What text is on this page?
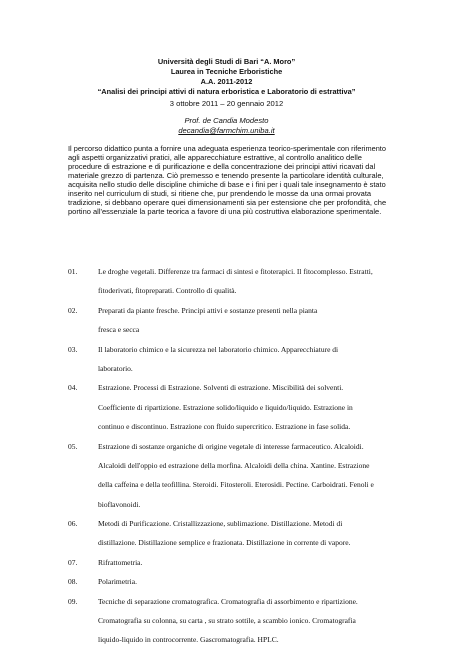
Università degli Studi di Bari “A. Moro”
Laurea in Tecniche Erboristiche
A.A. 2011-2012
“Analisi dei principi attivi di natura erboristica e Laboratorio di estrattiva”
3 ottobre 2011 – 20 gennaio 2012
Prof. de Candia Modesto
decandia@farmchim.uniba.it
Il percorso didattico punta a fornire una adeguata esperienza teorico-sperimentale con riferimento
agli aspetti organizzativi pratici, alle apparecchiature estrattive, al controllo analitico delle
procedure di estrazione e di purificazione e della concentrazione dei principi attivi ricavati dal
materiale grezzo di partenza. Ciò premesso e tenendo presente la particolare identità culturale,
acquisita nello studio delle discipline chimiche di base e i fini per i quali tale insegnamento è stato
inserito nel curriculum di studi, si ritiene che, pur prendendo le mosse da una ormai provata
tradizione, si debbano operare quei dimensionamenti sia per estensione che per profondità, che
portino all'essenziale la parte teorica a favore di una più costruttiva elaborazione sperimentale.
01.	Le droghe vegetali. Differenze tra farmaci di sintesi e fitoterapici. Il fitocomplesso. Estratti,
fitoderivati, fitopreparati. Controllo di qualità.
02.	Preparati da piante fresche. Principi attivi e sostanze presenti nella pianta
fresca e secca
03.	Il laboratorio chimico e la sicurezza nel laboratorio chimico. Apparecchiature di
laboratorio.
04.	Estrazione. Processi di Estrazione. Solventi di estrazione. Miscibilità dei solventi.
Coefficiente di ripartizione. Estrazione solido/liquido e liquido/liquido. Estrazione in
continuo e discontinuo. Estrazione con fluido supercritico. Estrazione in fase solida.
05.	Estrazione di sostanze organiche di origine vegetale di interesse farmaceutico. Alcaloidi.
Alcaloidi dell'oppio ed estrazione della morfina. Alcaloidi della china. Xantine. Estrazione
della caffeina e della teofillina. Steroidi. Fitosteroli. Eterosidi. Pectine. Carboidrati. Fenoli e
bioflavonoidi.
06.	Metodi di Purificazione. Cristallizzazione, sublimazione. Distillazione. Metodi di
distillazione. Distillazione semplice e frazionata. Distillazione in corrente di vapore.
07.	Rifrattometria.
08.	Polarimetria.
09.	Tecniche di separazione cromatografica. Cromatografia di assorbimento e ripartizione.
Cromatografia su colonna, su carta , su strato sottile, a scambio ionico. Cromatografia
liquido-liquido in controcorrente. Gascromatografia. HPLC.
